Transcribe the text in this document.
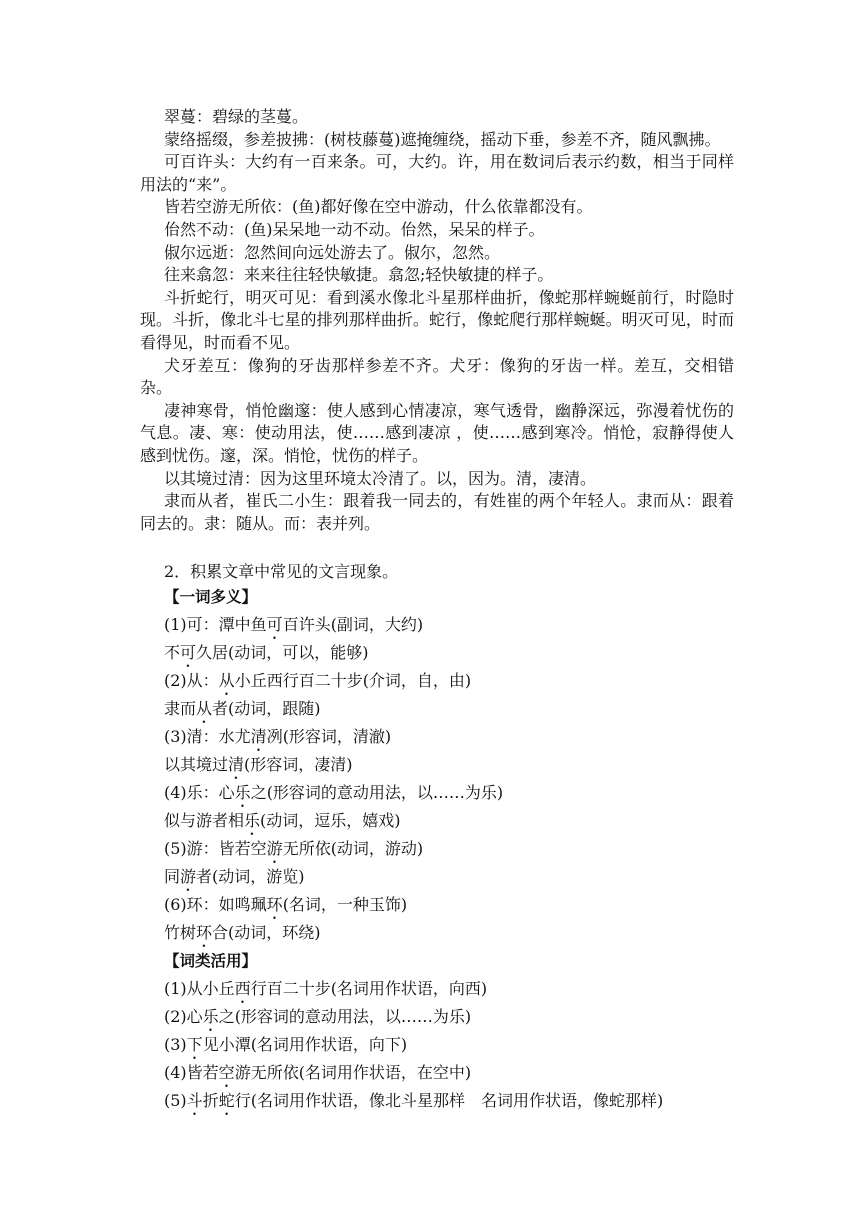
翠蔓：碧绿的茎蔓。

蒙络摇缀，参差披拂：(树枝藤蔓)遮掩缠绕，摇动下垂，参差不齐，随风飘拂。

可百许头：大约有一百来条。可，大约。许，用在数词后表示约数，相当于同样用法的“来”。

皆若空游无所依：(鱼)都好像在空中游动，什么依靠都没有。

佁然不动：(鱼)呆呆地一动不动。佁然，呆呆的样子。

俶尔远逝：忽然间向远处游去了。俶尔，忽然。

往来翕忽：来来往往轻快敏捷。翕忽;轻快敏捷的样子。

斗折蛇行，明灭可见：看到溪水像北斗星那样曲折，像蛇那样蜿蜒前行，时隐时现。斗折，像北斗七星的排列那样曲折。蛇行，像蛇爬行那样蜿蜒。明灭可见，时而看得见，时而看不见。

犬牙差互：像狗的牙齿那样参差不齐。犬牙：像狗的牙齿一样。差互，交相错杂。

凄神寒骨，悄怆幽邃：使人感到心情凄凉，寒气透骨，幽静深远，弥漫着忧伤的气息。凄、寒：使动用法，使……感到凄凉 ，使……感到寒冷。悄怆，寂静得使人感到忧伤。邃，深。悄怆，忧伤的样子。

以其境过清：因为这里环境太冷清了。以，因为。清，凄清。

隶而从者，崔氏二小生：跟着我一同去的，有姓崔的两个年轻人。隶而从：跟着同去的。隶：随从。而：表并列。

2．积累文章中常见的文言现象。
【一词多义】
(1)可：潭中鱼可百许头(副词，大约)
不可久居(动词，可以，能够)
(2)从：从小丘西行百二十步(介词，自，由)
隶而从者(动词，跟随)
(3)清：水尤清冽(形容词，清澈)
以其境过清(形容词，凄清)
(4)乐：心乐之(形容词的意动用法，以……为乐)
似与游者相乐(动词，逗乐，嬉戏)
(5)游：皆若空游无所依(动词，游动)
同游者(动词，游览)
(6)环：如鸣珮环(名词，一种玉饰)
竹树环合(动词，环绕)
【词类活用】
(1)从小丘西行百二十步(名词用作状语，向西)
(2)心乐之(形容词的意动用法，以……为乐)
(3)下见小潭(名词用作状语，向下)
(4)皆若空游无所依(名词用作状语，在空中)
(5)斗折蛇行(名词用作状语，像北斗星那样　名词用作状语，像蛇那样)
